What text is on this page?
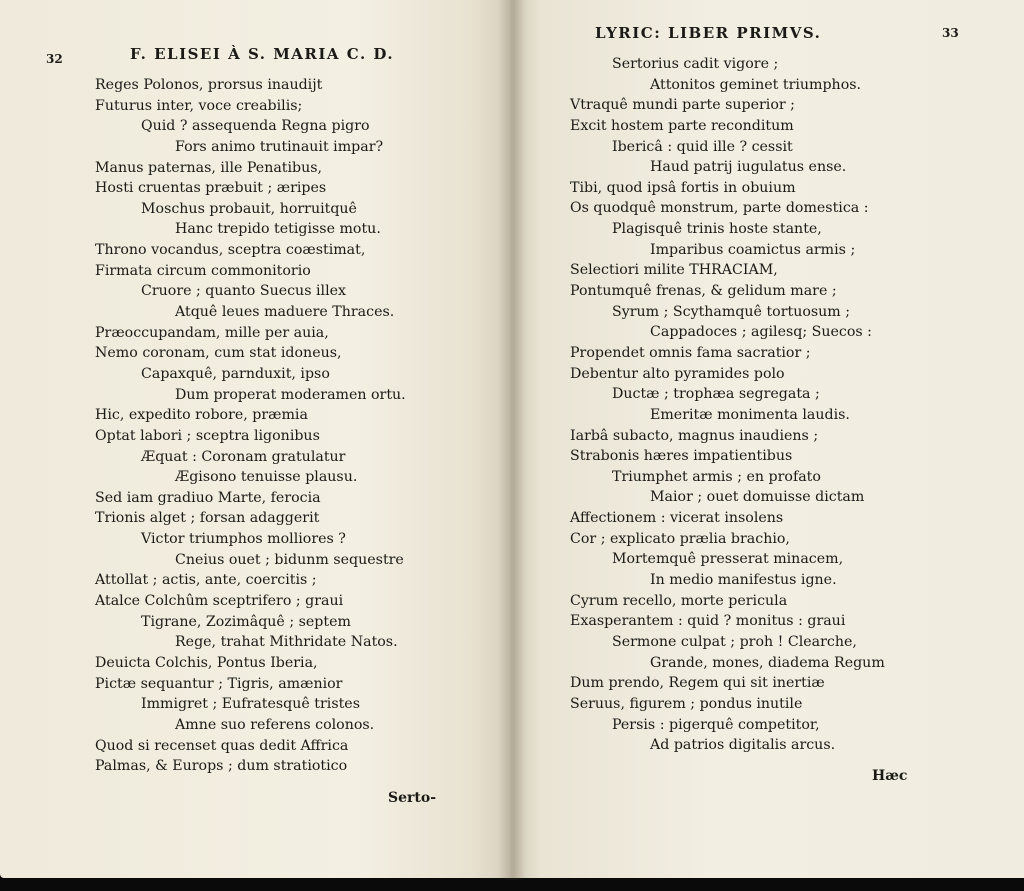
32	F. ELISEI À S. MARIA C. D.
Reges Polonos, prorsus inaudijt
Futurus inter, voce creabilis;
Quid ? assequenda Regna pigro
Fors animo trutinauit impar?
Manus paternas, ille Penatibus,
Hosti cruentas præbuit ; æripes
Moschus probauit, horruitquê
Hanc trepido tetigisse motu.
Throno vocandus, sceptra coæstimat,
Firmata circum commonitorio
Cruore ; quanto Suecus illex
Atquê leues maduere Thraces.
Præoccupandam, mille per auia,
Nemo coronam, cum stat idoneus,
Capaxquê, parnduxit, ipso
Dum properat moderamen ortu.
Hic, expedito robore, præmia
Optat labori ; sceptra ligonibus
Æquat : Coronam gratulatur
Ægisono tenuisse plausu.
Sed iam gradiuo Marte, ferocia
Trionis alget ; forsan adaggerit
Victor triumphos molliores ?
Cneius ouet ; bidunm sequestre
Attollat ; actis, ante, coercitis ;
Atalce Colchûm sceptrifero ; graui
Tigrane, Zozimâquê ; septem
Rege, trahat Mithridate Natos.
Deuicta Colchis, Pontus Iberia,
Pictæ sequantur ; Tigris, amænior
Immigret ; Eufratesquê tristes
Amne suo referens colonos.
Quod si recenset quas dedit Affrica
Palmas, & Europs ; dum stratiotico
Serto-
LYRIC: LIBER PRIMVS.	33
Sertorius cadit vigore ;
Attonitos geminet triumphos.
Vtraquê mundi parte superior ;
Excit hostem parte reconditum
Ibericâ : quid ille ? cessit
Haud patrij iugulatus ense.
Tibi, quod ipsâ fortis in obuium
Os quodquê monstrum, parte domestica :
Plagisquê trinis hoste stante,
Imparibus coamictus armis ;
Selectiori milite THRACIAM,
Pontumquê frenas, & gelidum mare ;
Syrum ; Scythamquê tortuosum ;
Cappadoces ; agilesq; Suecos :
Propendet omnis fama sacratior ;
Debentur alto pyramides polo
Ductæ ; trophæa segregata ;
Emeritæ monimenta laudis.
Iarbâ subacto, magnus inaudiens ;
Strabonis hæres impatientibus
Triumphet armis ; en profato
Maior ; ouet domuisse dictam
Affectionem : vicerat insolens
Cor ; explicato prælia brachio,
Mortemquê presserat minacem,
In medio manifestus igne.
Cyrum recello, morte pericula
Exasperantem : quid ? monitus : graui
Sermone culpat ; proh ! Clearche,
Grande, mones, diadema Regum
Dum prendo, Regem qui sit inertiæ
Seruus, figurem ; pondus inutile
Persis : pigerquê competitor,
Ad patrios digitalis arcus.
Hæc
